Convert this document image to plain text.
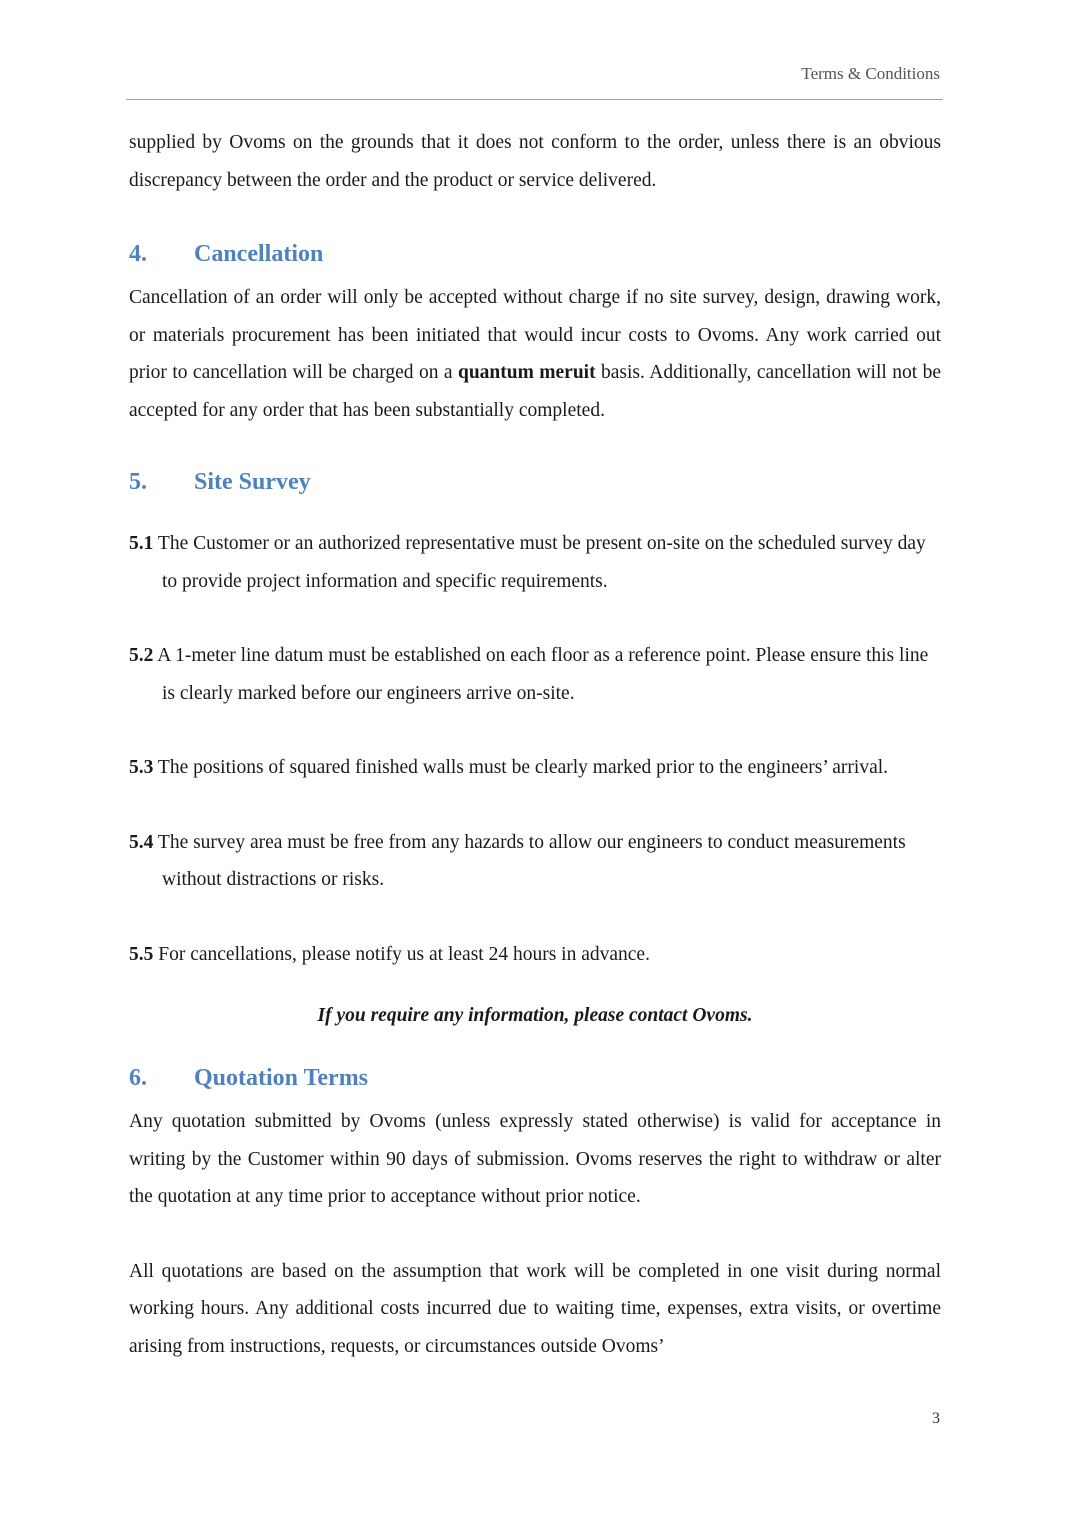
Terms & Conditions

supplied by Ovoms on the grounds that it does not conform to the order, unless there is an obvious discrepancy between the order and the product or service delivered.

4.	Cancellation

Cancellation of an order will only be accepted without charge if no site survey, design, drawing work, or materials procurement has been initiated that would incur costs to Ovoms. Any work carried out prior to cancellation will be charged on a quantum meruit basis. Additionally, cancellation will not be accepted for any order that has been substantially completed.

5.	Site Survey
5.1 The Customer or an authorized representative must be present on-site on the scheduled survey day to provide project information and specific requirements.
5.2 A 1-meter line datum must be established on each floor as a reference point. Please ensure this line is clearly marked before our engineers arrive on-site.
5.3 The positions of squared finished walls must be clearly marked prior to the engineers’ arrival.
5.4 The survey area must be free from any hazards to allow our engineers to conduct measurements without distractions or risks.
5.5 For cancellations, please notify us at least 24 hours in advance.

If you require any information, please contact Ovoms.

6.	Quotation Terms

Any quotation submitted by Ovoms (unless expressly stated otherwise) is valid for acceptance in writing by the Customer within 90 days of submission. Ovoms reserves the right to withdraw or alter the quotation at any time prior to acceptance without prior notice.

All quotations are based on the assumption that work will be completed in one visit during normal working hours. Any additional costs incurred due to waiting time, expenses, extra visits, or overtime arising from instructions, requests, or circumstances outside Ovoms’

3
